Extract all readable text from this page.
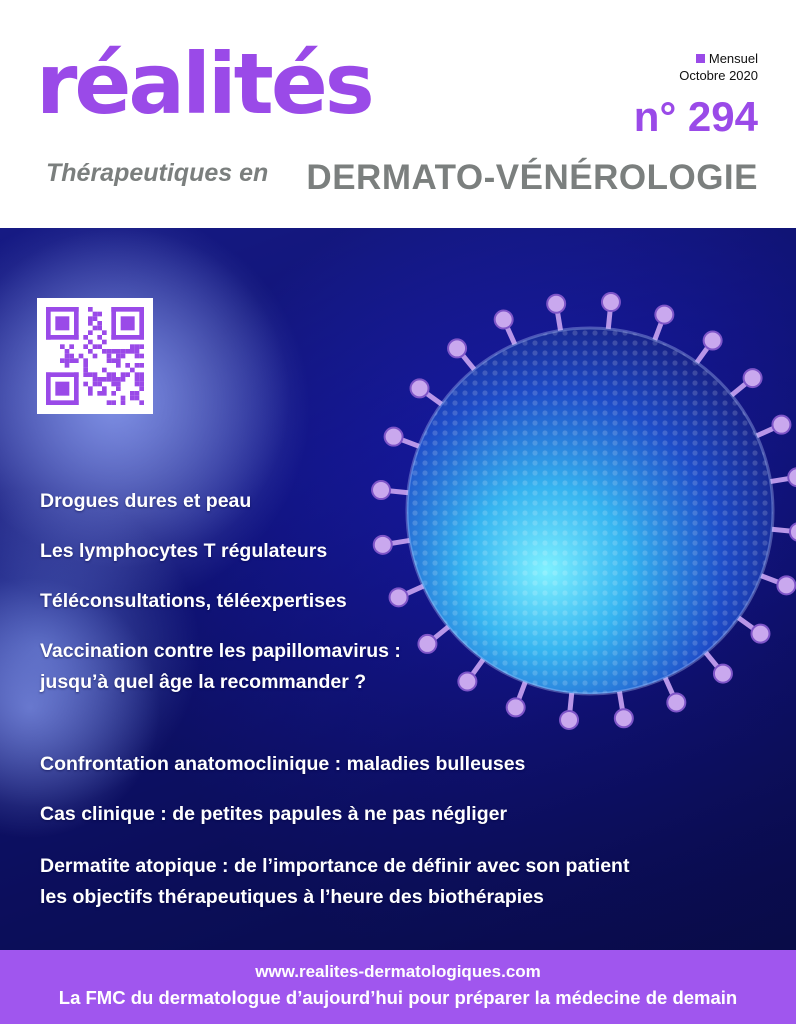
réalités
Thérapeutiques en DERMATO-VÉNÉROLOGIE
Mensuel
Octobre 2020
n° 294
Drogues dures et peau
Les lymphocytes T régulateurs
Téléconsultations, téléexpertises
Vaccination contre les papillomavirus :
jusqu’à quel âge la recommander ?
Confrontation anatomoclinique : maladies bulleuses
Cas clinique : de petites papules à ne pas négliger
Dermatite atopique : de l’importance de définir avec son patient
les objectifs thérapeutiques à l’heure des biothérapies
www.realites-dermatologiques.com
La FMC du dermatologue d’aujourd’hui pour préparer la médecine de demain
